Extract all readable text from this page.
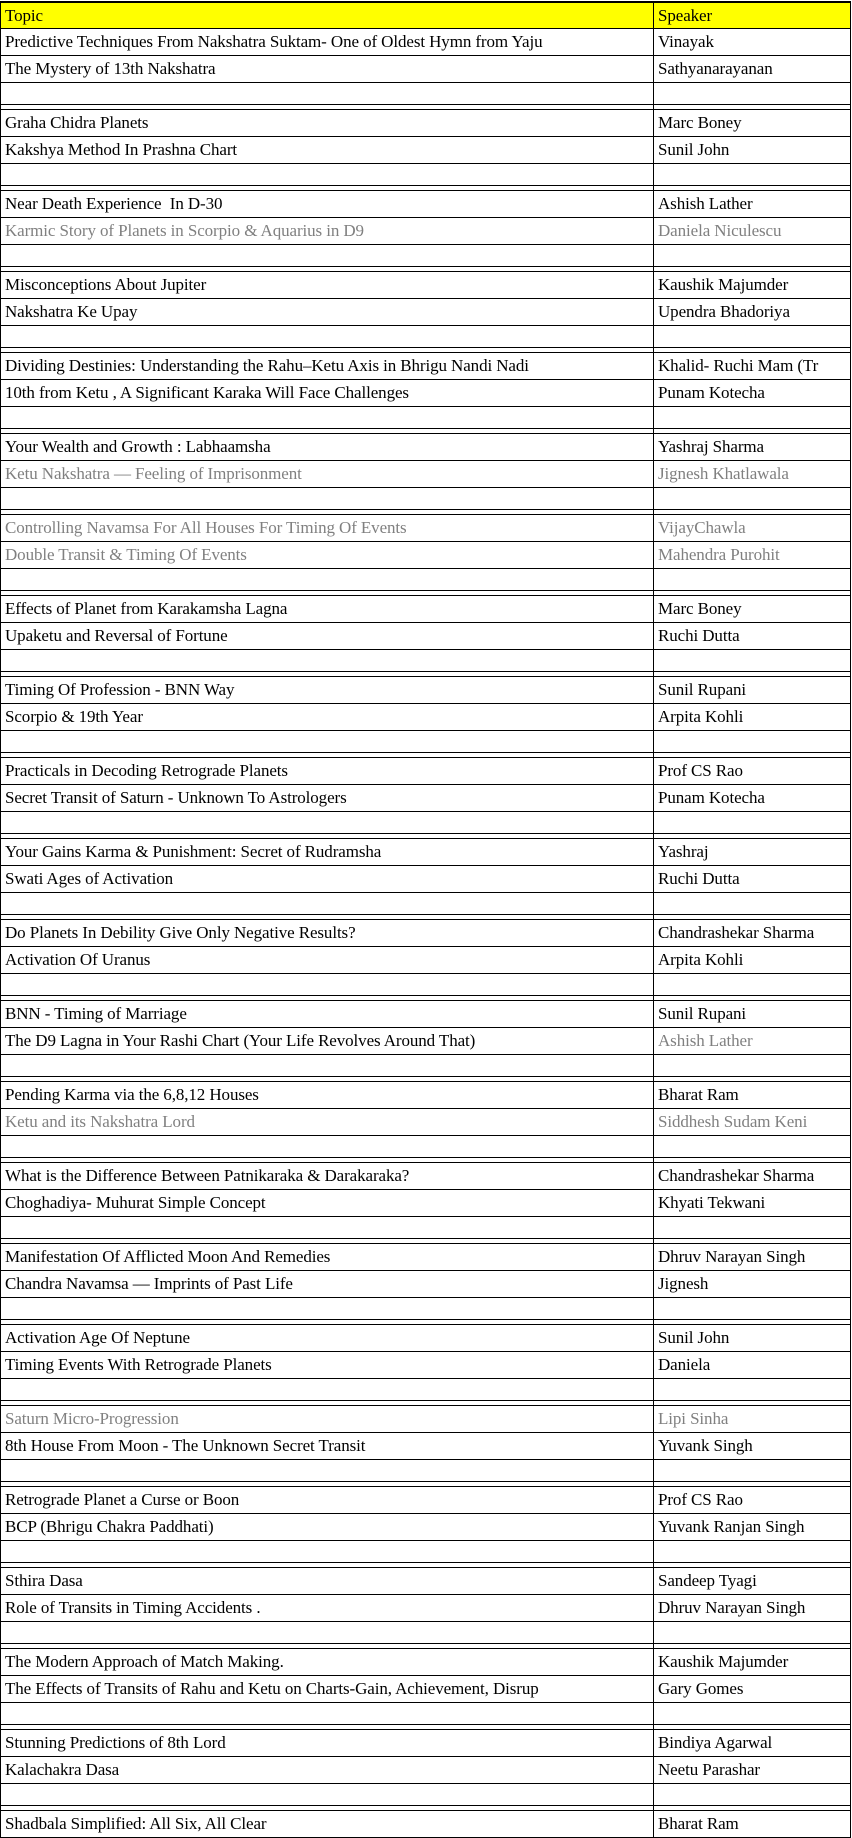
Topic	Speaker
Predictive Techniques From Nakshatra Suktam- One of Oldest Hymn from Yaju	Vinayak
The Mystery of 13th Nakshatra	Sathyanarayanan
Graha Chidra Planets	Marc Boney
Kakshya Method In Prashna Chart	Sunil John
Near Death Experience  In D-30	Ashish Lather
Karmic Story of Planets in Scorpio & Aquarius in D9	Daniela Niculescu
Misconceptions About Jupiter	Kaushik Majumder
Nakshatra Ke Upay	Upendra Bhadoriya
Dividing Destinies: Understanding the Rahu–Ketu Axis in Bhrigu Nandi Nadi	Khalid- Ruchi Mam (Tr
10th from Ketu , A Significant Karaka Will Face Challenges	Punam Kotecha
Your Wealth and Growth : Labhaamsha	Yashraj Sharma
Ketu Nakshatra — Feeling of Imprisonment	Jignesh Khatlawala
Controlling Navamsa For All Houses For Timing Of Events	VijayChawla
Double Transit & Timing Of Events	Mahendra Purohit
Effects of Planet from Karakamsha Lagna	Marc Boney
Upaketu and Reversal of Fortune	Ruchi Dutta
Timing Of Profession - BNN Way	Sunil Rupani
Scorpio & 19th Year	Arpita Kohli
Practicals in Decoding Retrograde Planets	Prof CS Rao
Secret Transit of Saturn - Unknown To Astrologers	Punam Kotecha
Your Gains Karma & Punishment: Secret of Rudramsha	Yashraj
Swati Ages of Activation	Ruchi Dutta
Do Planets In Debility Give Only Negative Results?	Chandrashekar Sharma
Activation Of Uranus	Arpita Kohli
BNN - Timing of Marriage	Sunil Rupani
The D9 Lagna in Your Rashi Chart (Your Life Revolves Around That)	Ashish Lather
Pending Karma via the 6,8,12 Houses	Bharat Ram
Ketu and its Nakshatra Lord	Siddhesh Sudam Keni
What is the Difference Between Patnikaraka & Darakaraka?	Chandrashekar Sharma
Choghadiya- Muhurat Simple Concept	Khyati Tekwani
Manifestation Of Afflicted Moon And Remedies	Dhruv Narayan Singh
Chandra Navamsa — Imprints of Past Life	Jignesh
Activation Age Of Neptune	Sunil John
Timing Events With Retrograde Planets	Daniela
Saturn Micro-Progression	Lipi Sinha
8th House From Moon - The Unknown Secret Transit	Yuvank Singh
Retrograde Planet a Curse or Boon	Prof CS Rao
BCP (Bhrigu Chakra Paddhati)	Yuvank Ranjan Singh
Sthira Dasa	Sandeep Tyagi
Role of Transits in Timing Accidents .	Dhruv Narayan Singh
The Modern Approach of Match Making.	Kaushik Majumder
The Effects of Transits of Rahu and Ketu on Charts-Gain, Achievement, Disrup	Gary Gomes
Stunning Predictions of 8th Lord	Bindiya Agarwal
Kalachakra Dasa	Neetu Parashar
Shadbala Simplified: All Six, All Clear	Bharat Ram
